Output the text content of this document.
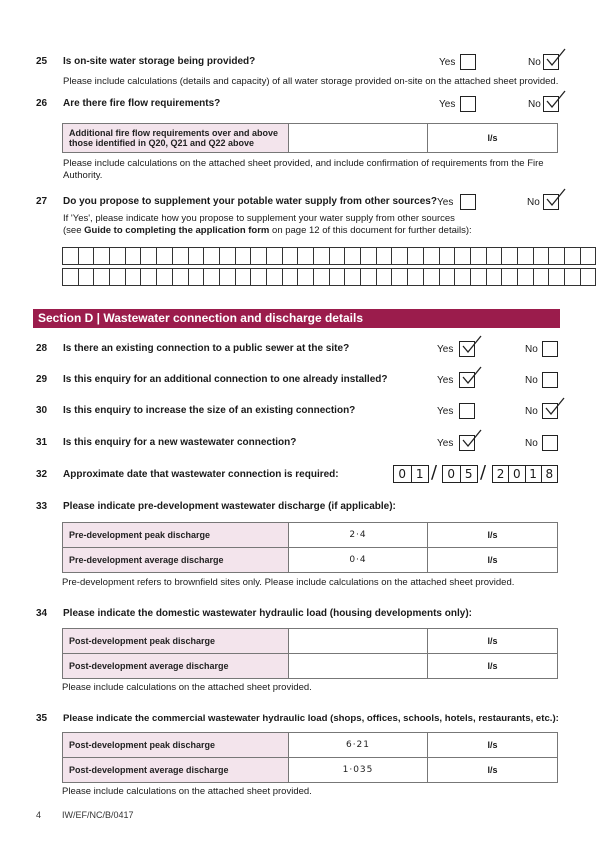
25 Is on-site water storage being provided?	Yes	No
Please include calculations (details and capacity) of all water storage provided on-site on the attached sheet provided.
26 Are there fire flow requirements?	Yes	No
Additional fire flow requirements over and above those identified in Q20, Q21 and Q22 above		l/s
Please include calculations on the attached sheet provided, and include confirmation of requirements from the Fire Authority.
27 Do you propose to supplement your potable water supply from other sources? Yes	No
If 'Yes', please indicate how you propose to supplement your water supply from other sources
(see Guide to completing the application form on page 12 of this document for further details):

Section D | Wastewater connection and discharge details
28 Is there an existing connection to a public sewer at the site?	Yes	No
29 Is this enquiry for an additional connection to one already installed?	Yes	No
30 Is this enquiry to increase the size of an existing connection?	Yes	No
31 Is this enquiry for a new wastewater connection?	Yes	No
32 Approximate date that wastewater connection is required:	0 1 / 0 5 / 2 0 1 8
33 Please indicate pre-development wastewater discharge (if applicable):
Pre-development peak discharge	2·4	l/s
Pre-development average discharge	0·4	l/s
Pre-development refers to brownfield sites only. Please include calculations on the attached sheet provided.
34 Please indicate the domestic wastewater hydraulic load (housing developments only):
Post-development peak discharge		l/s
Post-development average discharge		l/s
Please include calculations on the attached sheet provided.
35 Please indicate the commercial wastewater hydraulic load (shops, offices, schools, hotels, restaurants, etc.):
Post-development peak discharge	6·21	l/s
Post-development average discharge	1·035	l/s
Please include calculations on the attached sheet provided.
4 IW/EF/NC/B/0417
